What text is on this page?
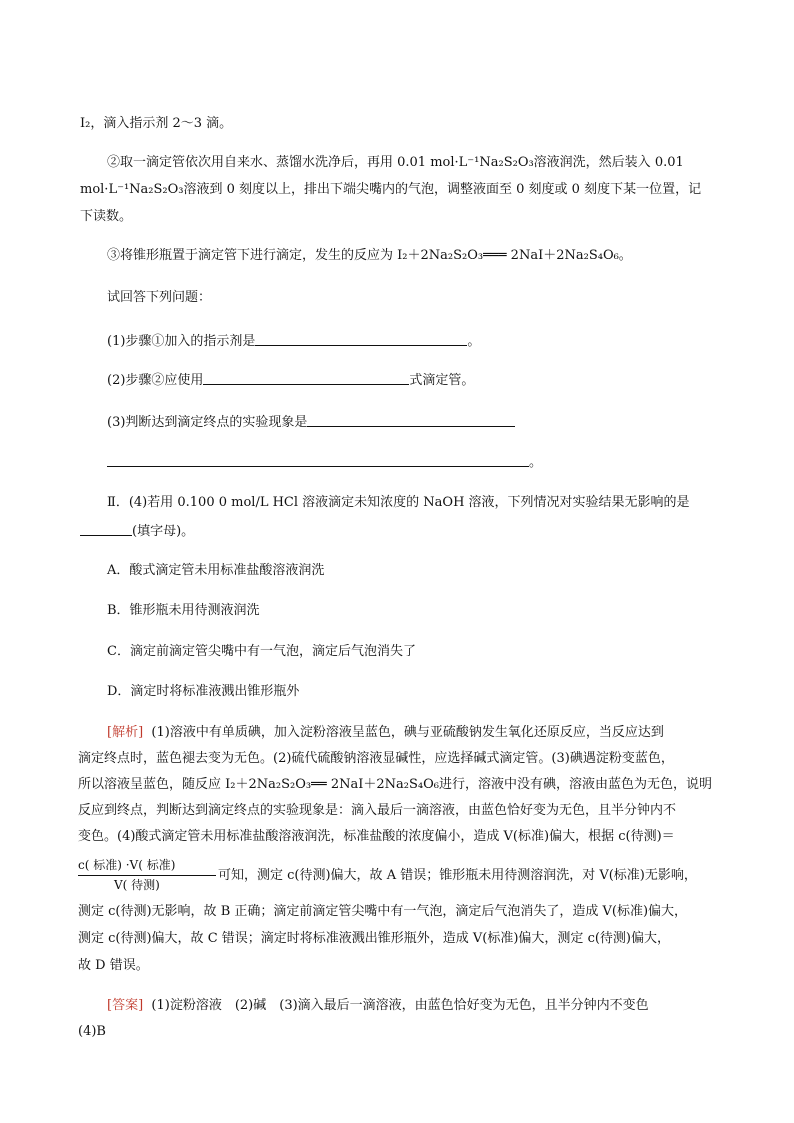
I₂，滴入指示剂 2～3 滴。
②取一滴定管依次用自来水、蒸馏水洗净后，再用 0.01 mol·L⁻¹Na₂S₂O₃溶液润洗，然后装入 0.01
mol·L⁻¹Na₂S₂O₃溶液到 0 刻度以上，排出下端尖嘴内的气泡，调整液面至 0 刻度或 0 刻度下某一位置，记
下读数。
③将锥形瓶置于滴定管下进行滴定，发生的反应为 I₂＋2Na₂S₂O₃═══ 2NaI＋2Na₂S₄O₆。
试回答下列问题：
(1)步骤①加入的指示剂是	。
(2)步骤②应使用	式滴定管。
(3)判断达到滴定终点的实验现象是
。
Ⅱ．(4)若用 0.100 0 mol/L HCl 溶液滴定未知浓度的 NaOH 溶液，下列情况对实验结果无影响的是
(填字母)。
A．酸式滴定管未用标准盐酸溶液润洗
B．锥形瓶未用待测液润洗
C．滴定前滴定管尖嘴中有一气泡，滴定后气泡消失了
D．滴定时将标准液溅出锥形瓶外
[解析] (1)溶液中有单质碘，加入淀粉溶液呈蓝色，碘与亚硫酸钠发生氧化还原反应，当反应达到
滴定终点时，蓝色褪去变为无色。(2)硫代硫酸钠溶液显碱性，应选择碱式滴定管。(3)碘遇淀粉变蓝色，
所以溶液呈蓝色，随反应 I₂＋2Na₂S₂O₃══ 2NaI＋2Na₂S₄O₆进行，溶液中没有碘，溶液由蓝色为无色，说明
反应到终点，判断达到滴定终点的实验现象是：滴入最后一滴溶液，由蓝色恰好变为无色，且半分钟内不
变色。(4)酸式滴定管未用标准盐酸溶液润洗，标准盐酸的浓度偏小，造成 V(标准)偏大，根据 c(待测)＝
c( 标准) ·V( 标准)
V( 待测)
可知，测定 c(待测)偏大，故 A 错误；锥形瓶未用待测溶润洗，对 V(标准)无影响，
测定 c(待测)无影响，故 B 正确；滴定前滴定管尖嘴中有一气泡，滴定后气泡消失了，造成 V(标准)偏大，
测定 c(待测)偏大，故 C 错误；滴定时将标准液溅出锥形瓶外，造成 V(标准)偏大，测定 c(待测)偏大，
故 D 错误。
[答案] (1)淀粉溶液　(2)碱　(3)滴入最后一滴溶液，由蓝色恰好变为无色，且半分钟内不变色
(4)B
